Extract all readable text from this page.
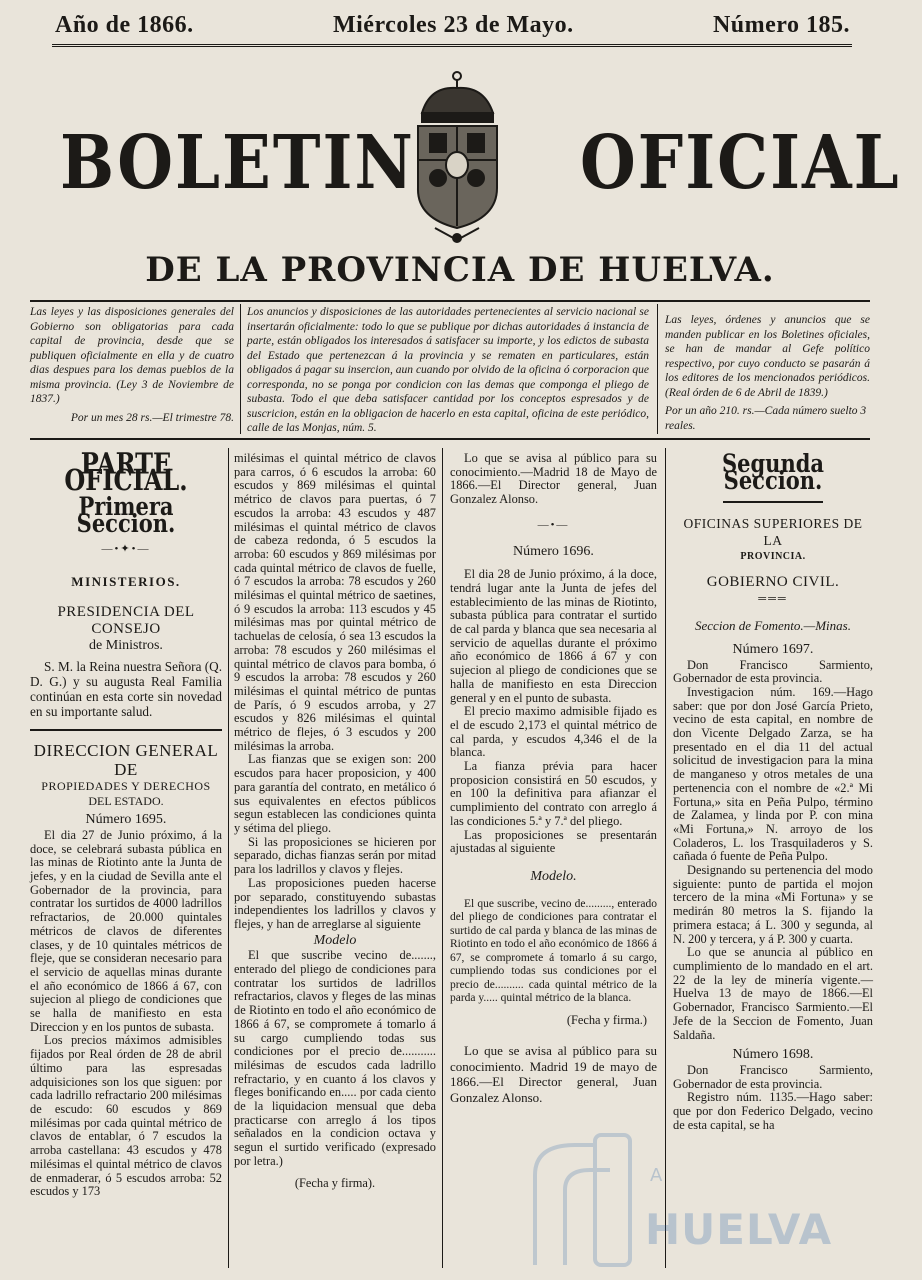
Año de 1866.	Miércoles 23 de Mayo.	Número 185.
BOLETIN	OFICIAL
DE LA PROVINCIA DE HUELVA.
Las leyes y las disposiciones generales del Gobierno son obligatorias para cada capital de provincia, desde que se publiquen oficialmente en ella y de cuatro dias despues para los demas pueblos de la misma provincia. (Ley 3 de Noviembre de 1837.)
Por un mes 28 rs.—El trimestre 78.
Los anuncios y disposiciones de las autoridades pertenecientes al servicio nacional se insertarán oficialmente: todo lo que se publique por dichas autoridades á instancia de parte, están obligados los interesados á satisfacer su importe, y los edictos de subasta del Estado que pertenezcan á la provincia y se rematen en particulares, están obligados á pagar su insercion, aun cuando por olvido de la oficina ó corporacion que corresponda, no se ponga por condicion con las demas que componga el pliego de subasta. Todo el que deba satisfacer cantidad por los conceptos espresados y de suscricion, están en la obligacion de hacerlo en esta capital, oficina de este periódico, calle de las Monjas, núm. 5.
Las leyes, órdenes y anuncios que se manden publicar en los Boletines oficiales, se han de mandar al Gefe político respectivo, por cuyo conducto se pasarán á los editores de los mencionados periódicos. (Real órden de 6 de Abril de 1839.)
Por un año 210. rs.—Cada número suelto 3 reales.
PARTE OFICIAL.
Primera Seccion.
—•✦•—
MINISTERIOS.
PRESIDENCIA DEL CONSEJO
de Ministros.

S. M. la Reina nuestra Señora (Q. D. G.) y su augusta Real Familia continúan en esta corte sin novedad en su importante salud.

DIRECCION GENERAL DE
PROPIEDADES Y DERECHOS
DEL ESTADO.
Número 1695.

El dia 27 de Junio próximo, á la doce, se celebrará subasta pública en las minas de Riotinto ante la Junta de jefes, y en la ciudad de Sevilla ante el Gobernador de la provincia, para contratar los surtidos de 4000 ladrillos refractarios, de 20.000 quintales métricos de clavos de diferentes clases, y de 10 quintales métricos de fleje, que se consideran necesario para el servicio de aquellas minas durante el año económico de 1866 á 67, con sujecion al pliego de condiciones que se halla de manifiesto en esta Direccion y en los puntos de subasta.

Los precios máximos admisibles fijados por Real órden de 28 de abril último para las espresadas adquisiciones son los que siguen: por cada ladrillo refractario 200 milésimas de escudo: 60 escudos y 869 milésimas por cada quintal métrico de clavos de entablar, ó 7 escudos la arroba castellana: 43 escudos y 478 milésimas el quintal métrico de clavos de enmaderar, ó 5 escudos arroba: 52 escudos y 173

milésimas el quintal métrico de clavos para carros, ó 6 escudos la arroba: 60 escudos y 869 milésimas el quintal métrico de clavos para puertas, ó 7 escudos la arroba: 43 escudos y 487 milésimas el quintal métrico de clavos de cabeza redonda, ó 5 escudos la arroba: 60 escudos y 869 milésimas por cada quintal métrico de clavos de fuelle, ó 7 escudos la arroba: 78 escudos y 260 milésimas el quintal métrico de saetines, ó 9 escudos la arroba: 113 escudos y 45 milésimas mas por quintal métrico de tachuelas de celosía, ó sea 13 escudos la arroba: 78 escudos y 260 milésimas el quintal métrico de clavos para bomba, ó 9 escudos la arroba: 78 escudos y 260 milésimas el quintal métrico de puntas de París, ó 9 escudos arroba, y 27 escudos y 826 milésimas el quintal métrico de flejes, ó 3 escudos y 200 milésimas la arroba.

Las fianzas que se exigen son: 200 escudos para hacer proposicion, y 400 para garantía del contrato, en metálico ó sus equivalentes en efectos públicos segun establecen las condiciones quinta y sétima del pliego.

Si las proposiciones se hicieren por separado, dichas fianzas serán por mitad para los ladrillos y clavos y flejes.

Las proposiciones pueden hacerse por separado, constituyendo subastas independientes los ladrillos y clavos y flejes, y han de arreglarse al siguiente

Modelo

El que suscribe vecino de......., enterado del pliego de condiciones para contratar los surtidos de ladrillos refractarios, clavos y fleges de las minas de Riotinto en todo el año económico de 1866 á 67, se compromete á tomarlo á su cargo cumpliendo todas sus condiciones por el precio de........... milésimas de escudos cada ladrillo refractario, y en cuanto á los clavos y fleges bonificando en..... por cada ciento de la liquidacion mensual que deba practicarse con arreglo á los tipos señalados en la condicion octava y segun el surtido verificado (expresado por letra.)

(Fecha y firma).

Lo que se avisa al público para su conocimiento.—Madrid 18 de Mayo de 1866.—El Director general, Juan Gonzalez Alonso.

—•—
Número 1696.

El dia 28 de Junio próximo, á la doce, tendrá lugar ante la Junta de jefes del establecimiento de las minas de Riotinto, subasta pública para contratar el surtido de cal parda y blanca que sea necesaria al servicio de aquellas durante el próximo año económico de 1866 á 67 y con sujecion al pliego de condiciones que se halla de manifiesto en esta Direccion general y en el punto de subasta.

El precio maximo admisible fijado es el de escudo 2,173 el quintal métrico de cal parda, y escudos 4,346 el de la blanca.

La fianza prévia para hacer proposicion consistirá en 50 escudos, y en 100 la definitiva para afianzar el cumplimiento del contrato con arreglo á las condiciones 5.ª y 7.ª del pliego.

Las proposiciones se presentarán ajustadas al siguiente

Modelo.

El que suscribe, vecino de........., enterado del pliego de condiciones para contratar el surtido de cal parda y blanca de las minas de Riotinto en todo el año económico de 1866 á 67, se compromete á tomarlo á su cargo, cumpliendo todas sus condiciones por el precio de.......... cada quintal métrico de la parda y..... quintal métrico de la blanca.

(Fecha y firma.)

Lo que se avisa al público para su conocimiento. Madrid 19 de mayo de 1866.—El Director general, Juan Gonzalez Alonso.

Segunda Seccion.
OFICINAS SUPERIORES DE LA
PROVINCIA.
GOBIERNO CIVIL.
═══
Seccion de Fomento.—Minas.
Número 1697.

Don Francisco Sarmiento, Gobernador de esta provincia.

Investigacion núm. 169.—Hago saber: que por don José García Prieto, vecino de esta capital, en nombre de don Vicente Delgado Zarza, se ha presentado en el dia 11 del actual solicitud de investigacion para la mina de manganeso y otros metales de una pertenencia con el nombre de «2.ª Mi Fortuna,» sita en Peña Pulpo, término de Zalamea, y linda por P. con mina «Mi Fortuna,» N. arroyo de los Coladeros, L. los Trasquiladeros y S. cañada ó fuente de Peña Pulpo.

Designando su pertenencia del modo siguiente: punto de partida el mojon tercero de la mina «Mi Fortuna» y se medirán 80 metros la S. fijando la primera estaca; á L. 300 y segunda, al N. 200 y tercera, y á P. 300 y cuarta.

Lo que se anuncia al público en cumplimiento de lo mandado en el art. 22 de la ley de minería vigente.—Huelva 13 de mayo de 1866.—El Gobernador, Francisco Sarmiento.—El Jefe de la Seccion de Fomento, Juan Saldaña.

Número 1698.

Don Francisco Sarmiento, Gobernador de esta provincia.

Registro núm. 1135.—Hago saber: que por don Federico Delgado, vecino de esta capital, se ha

A
HUELVA
